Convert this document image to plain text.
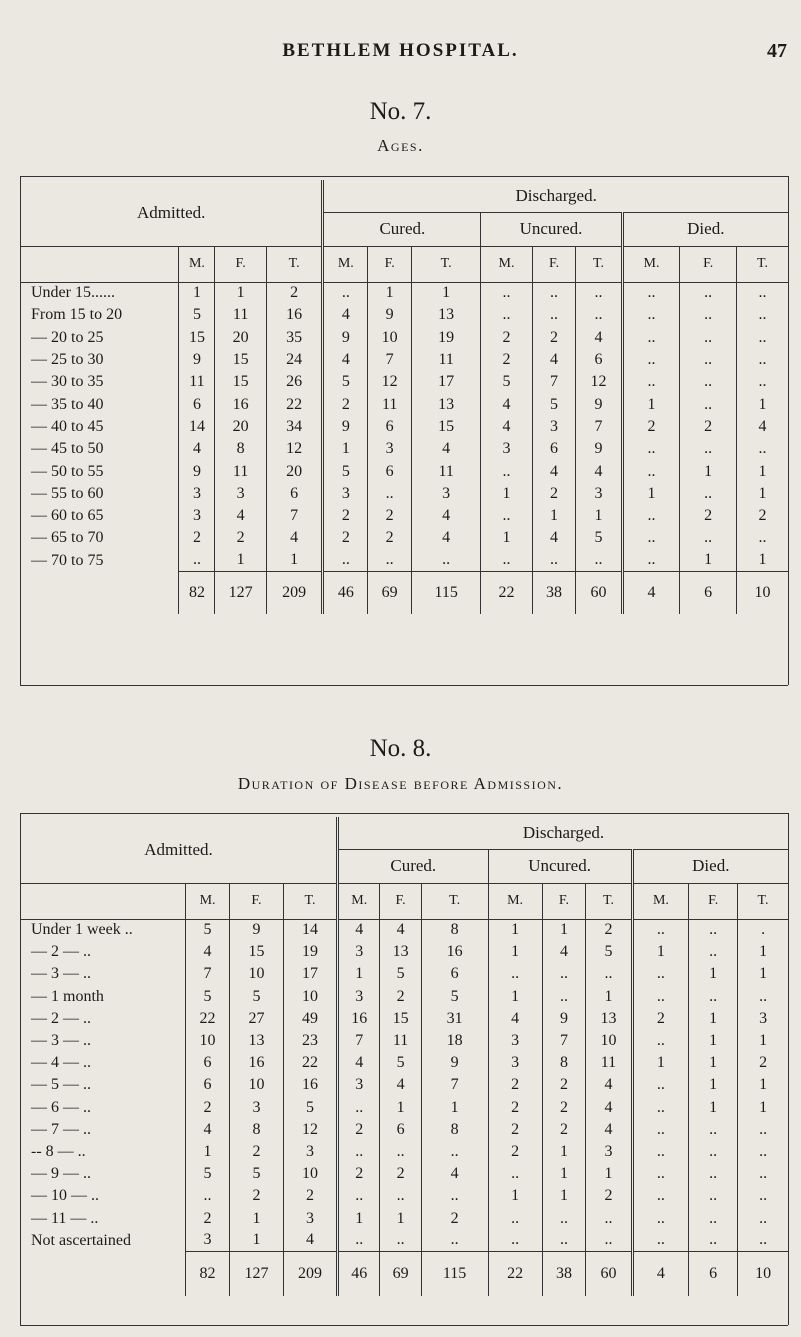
BETHLEM HOSPITAL.	47
No. 7.
Ages.
Admitted.				Discharged.								
				Cured.			Uncured.			Died.		
	M.	F.	T.	M.	F.	T.	M.	F.	T.	M.	F.	T.
Under 15......	1	1	2	..	1	1	..	..	..	..	..	..
From 15 to 20	5	11	16	4	9	13	..	..	..	..	..	..
— 20 to 25	15	20	35	9	10	19	2	2	4	..	..	..
— 25 to 30	9	15	24	4	7	11	2	4	6	..	..	..
— 30 to 35	11	15	26	5	12	17	5	7	12	..	..	..
— 35 to 40	6	16	22	2	11	13	4	5	9	1	..	1
— 40 to 45	14	20	34	9	6	15	4	3	7	2	2	4
— 45 to 50	4	8	12	1	3	4	3	6	9	..	..	..
— 50 to 55	9	11	20	5	6	11	..	4	4	..	1	1
— 55 to 60	3	3	6	3	..	3	1	2	3	1	..	1
— 60 to 65	3	4	7	2	2	4	..	1	1	..	2	2
— 65 to 70	2	2	4	2	2	4	1	4	5	..	..	..
— 70 to 75	..	1	1	..	..	..	..	..	..	..	1	1
	82	127	209	46	69	115	22	38	60	4	6	10
No. 8.
Duration of Disease before Admission.
Admitted.				Discharged.								
				Cured.			Uncured.			Died.		
	M.	F.	T.	M.	F.	T.	M.	F.	T.	M.	F.	T.
Under 1 week ..	5	9	14	4	4	8	1	1	2	..	..	.
— 2 — ..	4	15	19	3	13	16	1	4	5	1	..	1
— 3 — ..	7	10	17	1	5	6	..	..	..	..	1	1
— 1 month	5	5	10	3	2	5	1	..	1	..	..	..
— 2 — ..	22	27	49	16	15	31	4	9	13	2	1	3
— 3 — ..	10	13	23	7	11	18	3	7	10	..	1	1
— 4 — ..	6	16	22	4	5	9	3	8	11	1	1	2
— 5 — ..	6	10	16	3	4	7	2	2	4	..	1	1
— 6 — ..	2	3	5	..	1	1	2	2	4	..	1	1
— 7 — ..	4	8	12	2	6	8	2	2	4	..	..	..
-- 8 — ..	1	2	3	..	..	..	2	1	3	..	..	..
— 9 — ..	5	5	10	2	2	4	..	1	1	..	..	..
— 10 — ..	..	2	2	..	..	..	1	1	2	..	..	..
— 11 — ..	2	1	3	1	1	2	..	..	..	..	..	..
Not ascertained	3	1	4	..	..	..	..	..	..	..	..	..
	82	127	209	46	69	115	22	38	60	4	6	10
